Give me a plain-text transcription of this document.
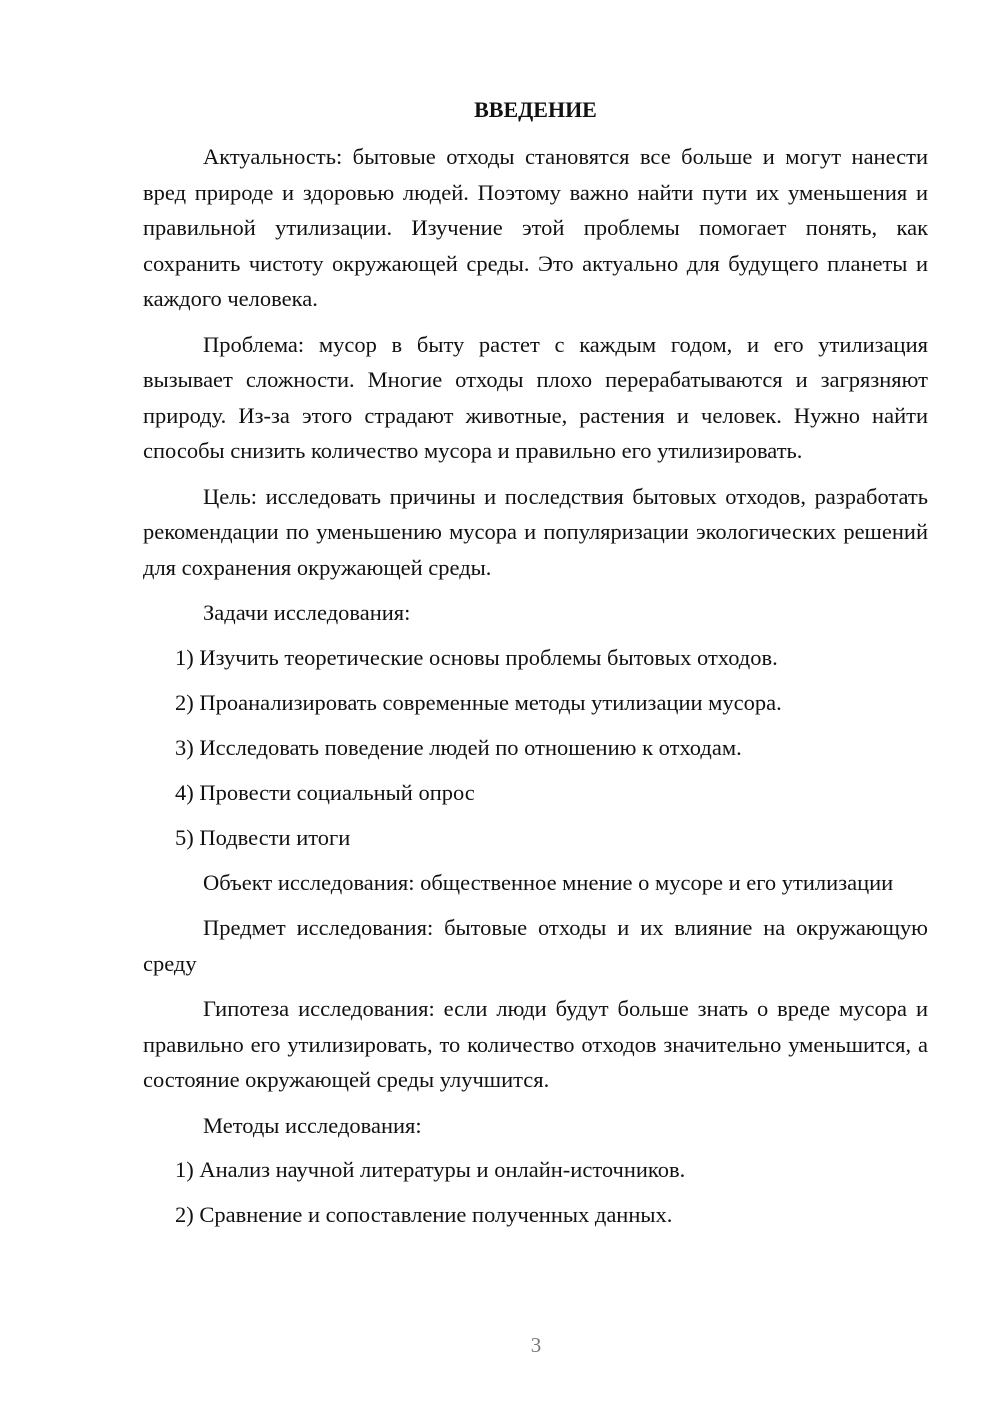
ВВЕДЕНИЕ

Актуальность: бытовые отходы становятся все больше и могут нанести вред природе и здоровью людей. Поэтому важно найти пути их уменьшения и правильной утилизации. Изучение этой проблемы помогает понять, как сохранить чистоту окружающей среды. Это актуально для будущего планеты и каждого человека.

Проблема: мусор в быту растет с каждым годом, и его утилизация вызывает сложности. Многие отходы плохо перерабатываются и загрязняют природу. Из-за этого страдают животные, растения и человек. Нужно найти способы снизить количество мусора и правильно его утилизировать.

Цель: исследовать причины и последствия бытовых отходов, разработать рекомендации по уменьшению мусора и популяризации экологических решений для сохранения окружающей среды.

Задачи исследования:

1) Изучить теоретические основы проблемы бытовых отходов.

2) Проанализировать современные методы утилизации мусора.

3) Исследовать поведение людей по отношению к отходам.

4) Провести социальный опрос

5) Подвести итоги

Объект исследования: общественное мнение о мусоре и его утилизации

Предмет исследования: бытовые отходы и их влияние на окружающую среду

Гипотеза исследования: если люди будут больше знать о вреде мусора и правильно его утилизировать, то количество отходов значительно уменьшится, а состояние окружающей среды улучшится.

Методы исследования:

1) Анализ научной литературы и онлайн-источников.

2) Сравнение и сопоставление полученных данных.

3
